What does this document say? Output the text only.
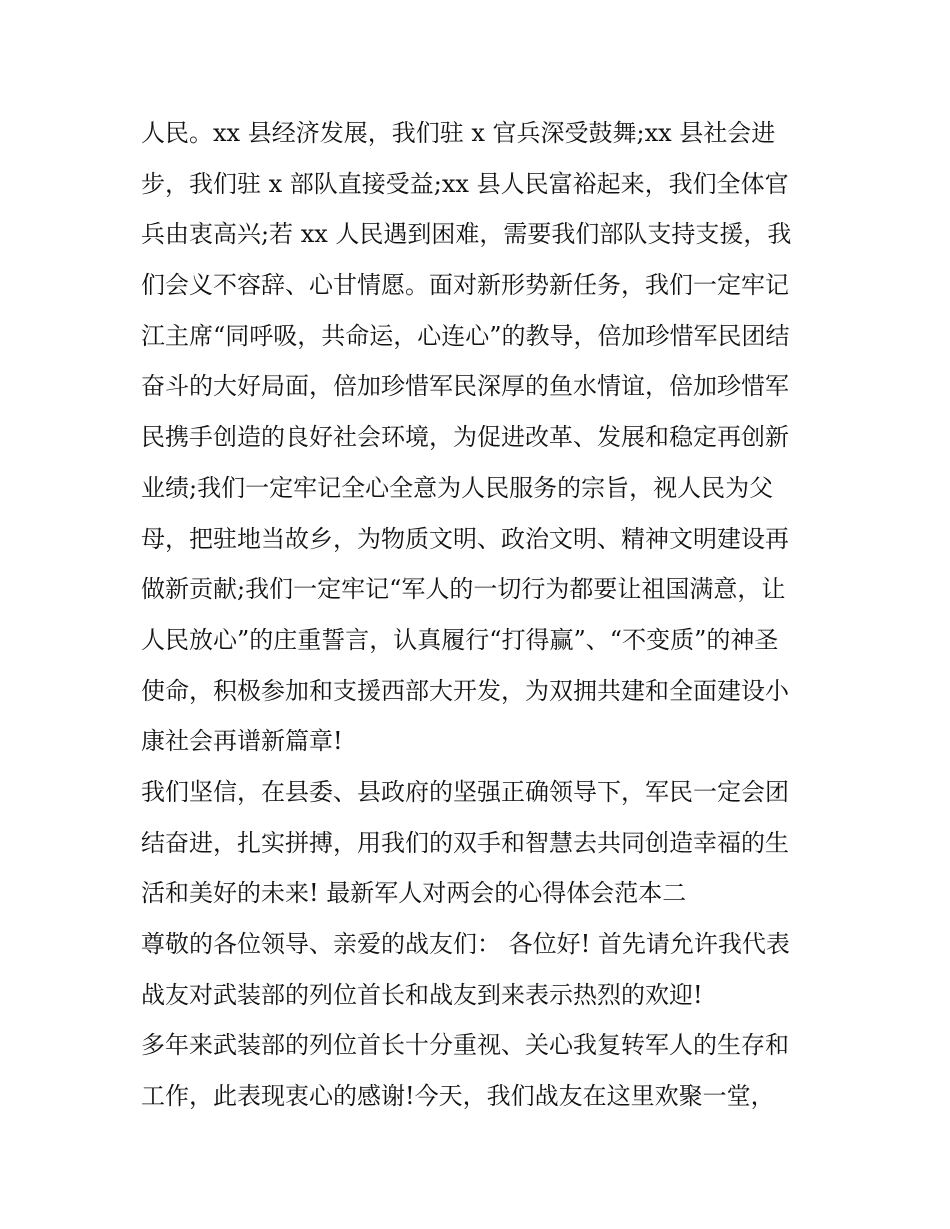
人民。xx 县经济发展，我们驻 x 官兵深受鼓舞;xx 县社会进
步，我们驻 x 部队直接受益;xx 县人民富裕起来，我们全体官
兵由衷高兴;若 xx 人民遇到困难，需要我们部队支持支援，我
们会义不容辞、心甘情愿。面对新形势新任务，我们一定牢记
江主席“同呼吸，共命运，心连心”的教导，倍加珍惜军民团结
奋斗的大好局面，倍加珍惜军民深厚的鱼水情谊，倍加珍惜军
民携手创造的良好社会环境，为促进改革、发展和稳定再创新
业绩;我们一定牢记全心全意为人民服务的宗旨，视人民为父
母，把驻地当故乡，为物质文明、政治文明、精神文明建设再
做新贡献;我们一定牢记“军人的一切行为都要让祖国满意，让
人民放心”的庄重誓言，认真履行“打得赢”、“不变质”的神圣
使命，积极参加和支援西部大开发，为双拥共建和全面建设小
康社会再谱新篇章!
我们坚信，在县委、县政府的坚强正确领导下，军民一定会团
结奋进，扎实拼搏，用我们的双手和智慧去共同创造幸福的生
活和美好的未来! 最新军人对两会的心得体会范本二
尊敬的各位领导、亲爱的战友们： 各位好! 首先请允许我代表
战友对武装部的列位首长和战友到来表示热烈的欢迎!
多年来武装部的列位首长十分重视、关心我复转军人的生存和
工作，此表现衷心的感谢!今天，我们战友在这里欢聚一堂，
